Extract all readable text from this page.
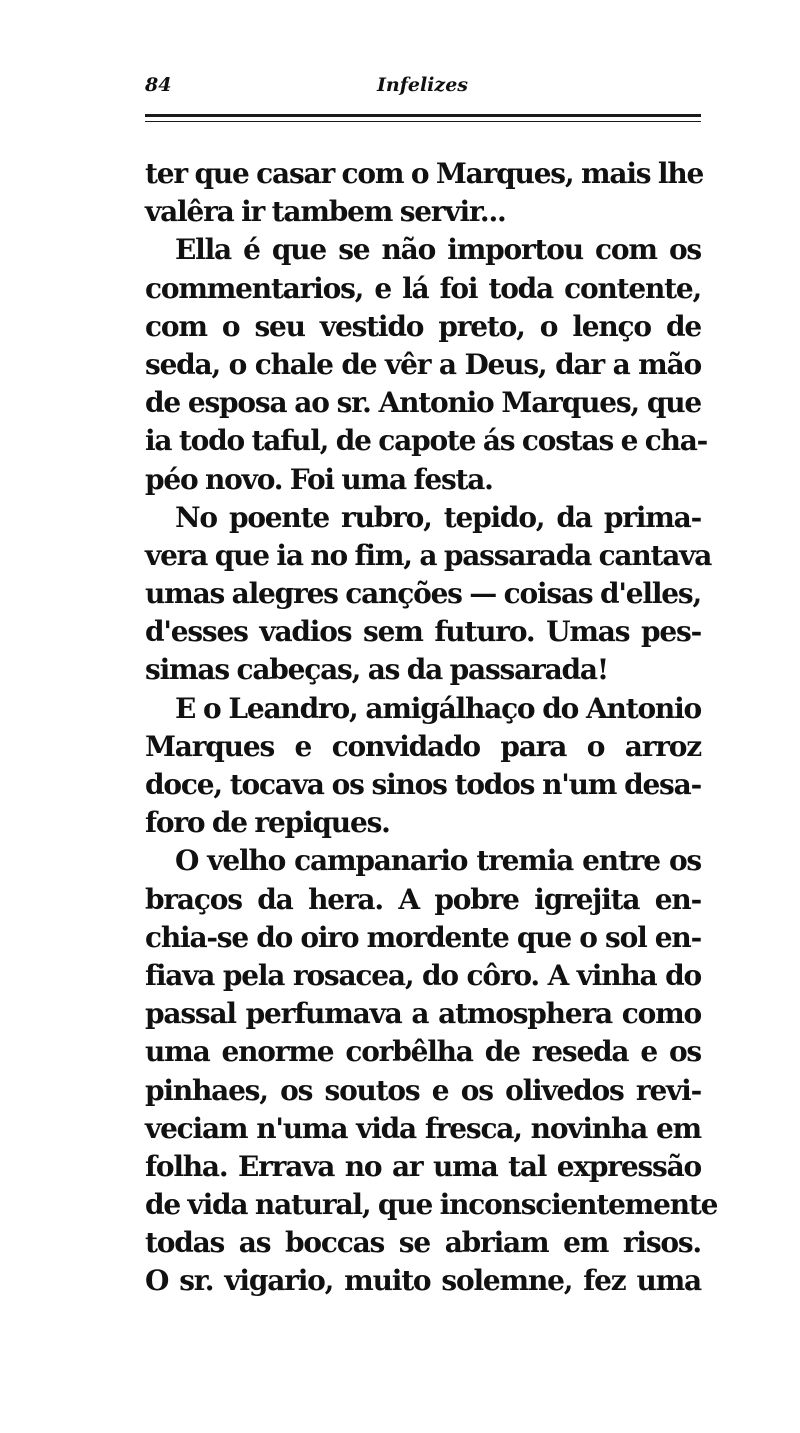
84	Infelizes
ter que casar com o Marques, mais lhe
valêra ir tambem servir...
Ella é que se não importou com os
commentarios, e lá foi toda contente,
com o seu vestido preto, o lenço de
seda, o chale de vêr a Deus, dar a mão
de esposa ao sr. Antonio Marques, que
ia todo taful, de capote ás costas e cha-
péo novo. Foi uma festa.
No poente rubro, tepido, da prima-
vera que ia no fim, a passarada cantava
umas alegres canções — coisas d'elles,
d'esses vadios sem futuro. Umas pes-
simas cabeças, as da passarada!
E o Leandro, amigálhaço do Antonio
Marques e convidado para o arroz
doce, tocava os sinos todos n'um desa-
foro de repiques.
O velho campanario tremia entre os
braços da hera. A pobre igrejita en-
chia-se do oiro mordente que o sol en-
fiava pela rosacea, do côro. A vinha do
passal perfumava a atmosphera como
uma enorme corbêlha de reseda e os
pinhaes, os soutos e os olivedos revi-
veciam n'uma vida fresca, novinha em
folha. Errava no ar uma tal expressão
de vida natural, que inconscientemente
todas as boccas se abriam em risos.
O sr. vigario, muito solemne, fez uma
